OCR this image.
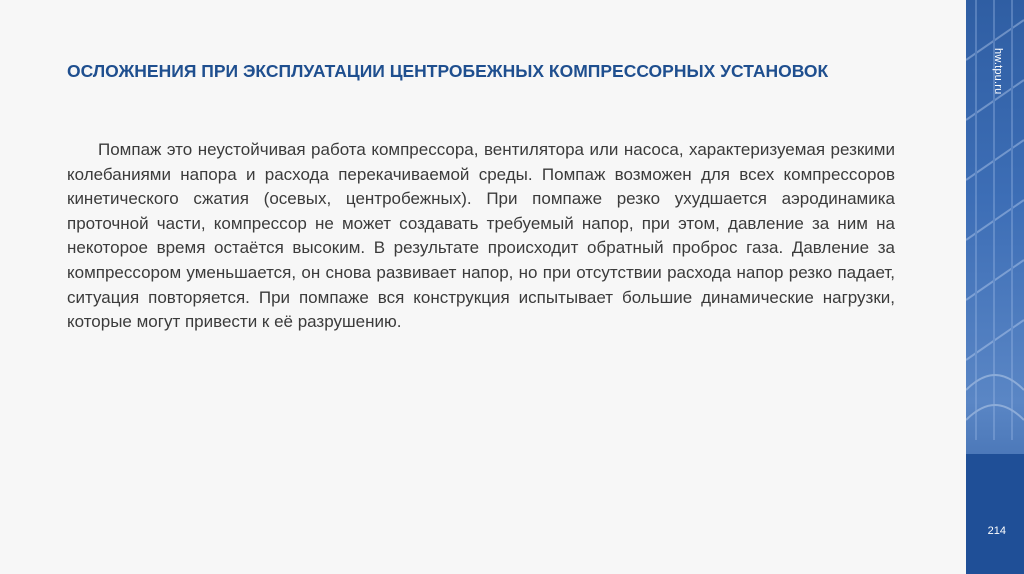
ОСЛОЖНЕНИЯ ПРИ ЭКСПЛУАТАЦИИ ЦЕНТРОБЕЖНЫХ КОМПРЕССОРНЫХ УСТАНОВОК

Помпаж это неустойчивая работа компрессора, вентилятора или насоса, характеризуемая резкими колебаниями напора и расхода перекачиваемой среды. Помпаж возможен для всех компрессоров кинетического сжатия (осевых, центробежных). При помпаже резко ухудшается аэродинамика проточной части, компрессор не может создавать требуемый напор, при этом, давление за ним на некоторое время остаётся высоким. В результате происходит обратный проброс газа. Давление за компрессором уменьшается, он снова развивает напор, но при отсутствии расхода напор резко падает, ситуация повторяется. При помпаже вся конструкция испытывает большие динамические нагрузки, которые могут привести к её разрушению.

hw.tpu.ru
214
